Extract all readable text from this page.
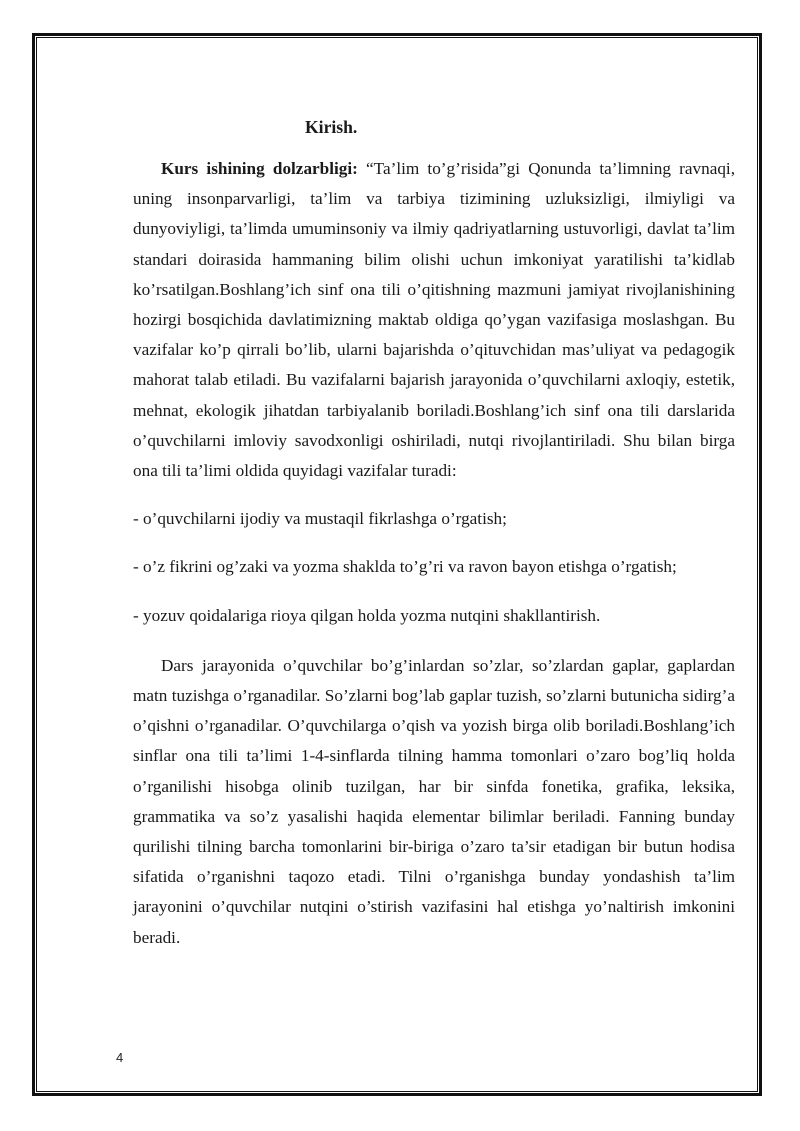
Kirish.

Kurs ishining dolzarbligi: “Ta’lim to’g’risida”gi Qonunda ta’limning ravnaqi, uning insonparvarligi, ta’lim va tarbiya tizimining uzluksizligi, ilmiyligi va dunyoviyligi, ta’limda umuminsoniy va ilmiy qadriyatlarning ustuvorligi, davlat ta’lim standari doirasida hammaning bilim olishi uchun imkoniyat yaratilishi ta’kidlab ko’rsatilgan.Boshlang’ich sinf ona tili o’qitishning mazmuni jamiyat rivojlanishining hozirgi bosqichida davlatimizning maktab oldiga qo’ygan vazifasiga moslashgan. Bu vazifalar ko’p qirrali bo’lib, ularni bajarishda o’qituvchidan mas’uliyat va pedagogik mahorat talab etiladi. Bu vazifalarni bajarish jarayonida o’quvchilarni axloqiy, estetik, mehnat, ekologik jihatdan tarbiyalanib boriladi.Boshlang’ich sinf ona tili darslarida o’quvchilarni imloviy savodxonligi oshiriladi, nutqi rivojlantiriladi. Shu bilan birga ona tili ta’limi oldida quyidagi vazifalar turadi:

- o’quvchilarni ijodiy va mustaqil fikrlashga o’rgatish;

- o’z fikrini og’zaki va yozma shaklda to’g’ri va ravon bayon etishga o’rgatish;

- yozuv qoidalariga rioya qilgan holda yozma nutqini shakllantirish.

Dars jarayonida o’quvchilar bo’g’inlardan so’zlar, so’zlardan gaplar, gaplardan matn tuzishga o’rganadilar. So’zlarni bog’lab gaplar tuzish, so’zlarni butunicha sidirg’a o’qishni o’rganadilar. O’quvchilarga o’qish va yozish birga olib boriladi.Boshlang’ich sinflar ona tili ta’limi 1-4-sinflarda tilning hamma tomonlari o’zaro bog’liq holda o’rganilishi hisobga olinib tuzilgan, har bir sinfda fonetika, grafika, leksika, grammatika va so’z yasalishi haqida elementar bilimlar beriladi. Fanning bunday qurilishi tilning barcha tomonlarini bir-biriga o’zaro ta’sir etadigan bir butun hodisa sifatida o’rganishni taqozo etadi. Tilni o’rganishga bunday yondashish ta’lim jarayonini o’quvchilar nutqini o’stirish vazifasini hal etishga yo’naltirish imkonini beradi.

4
